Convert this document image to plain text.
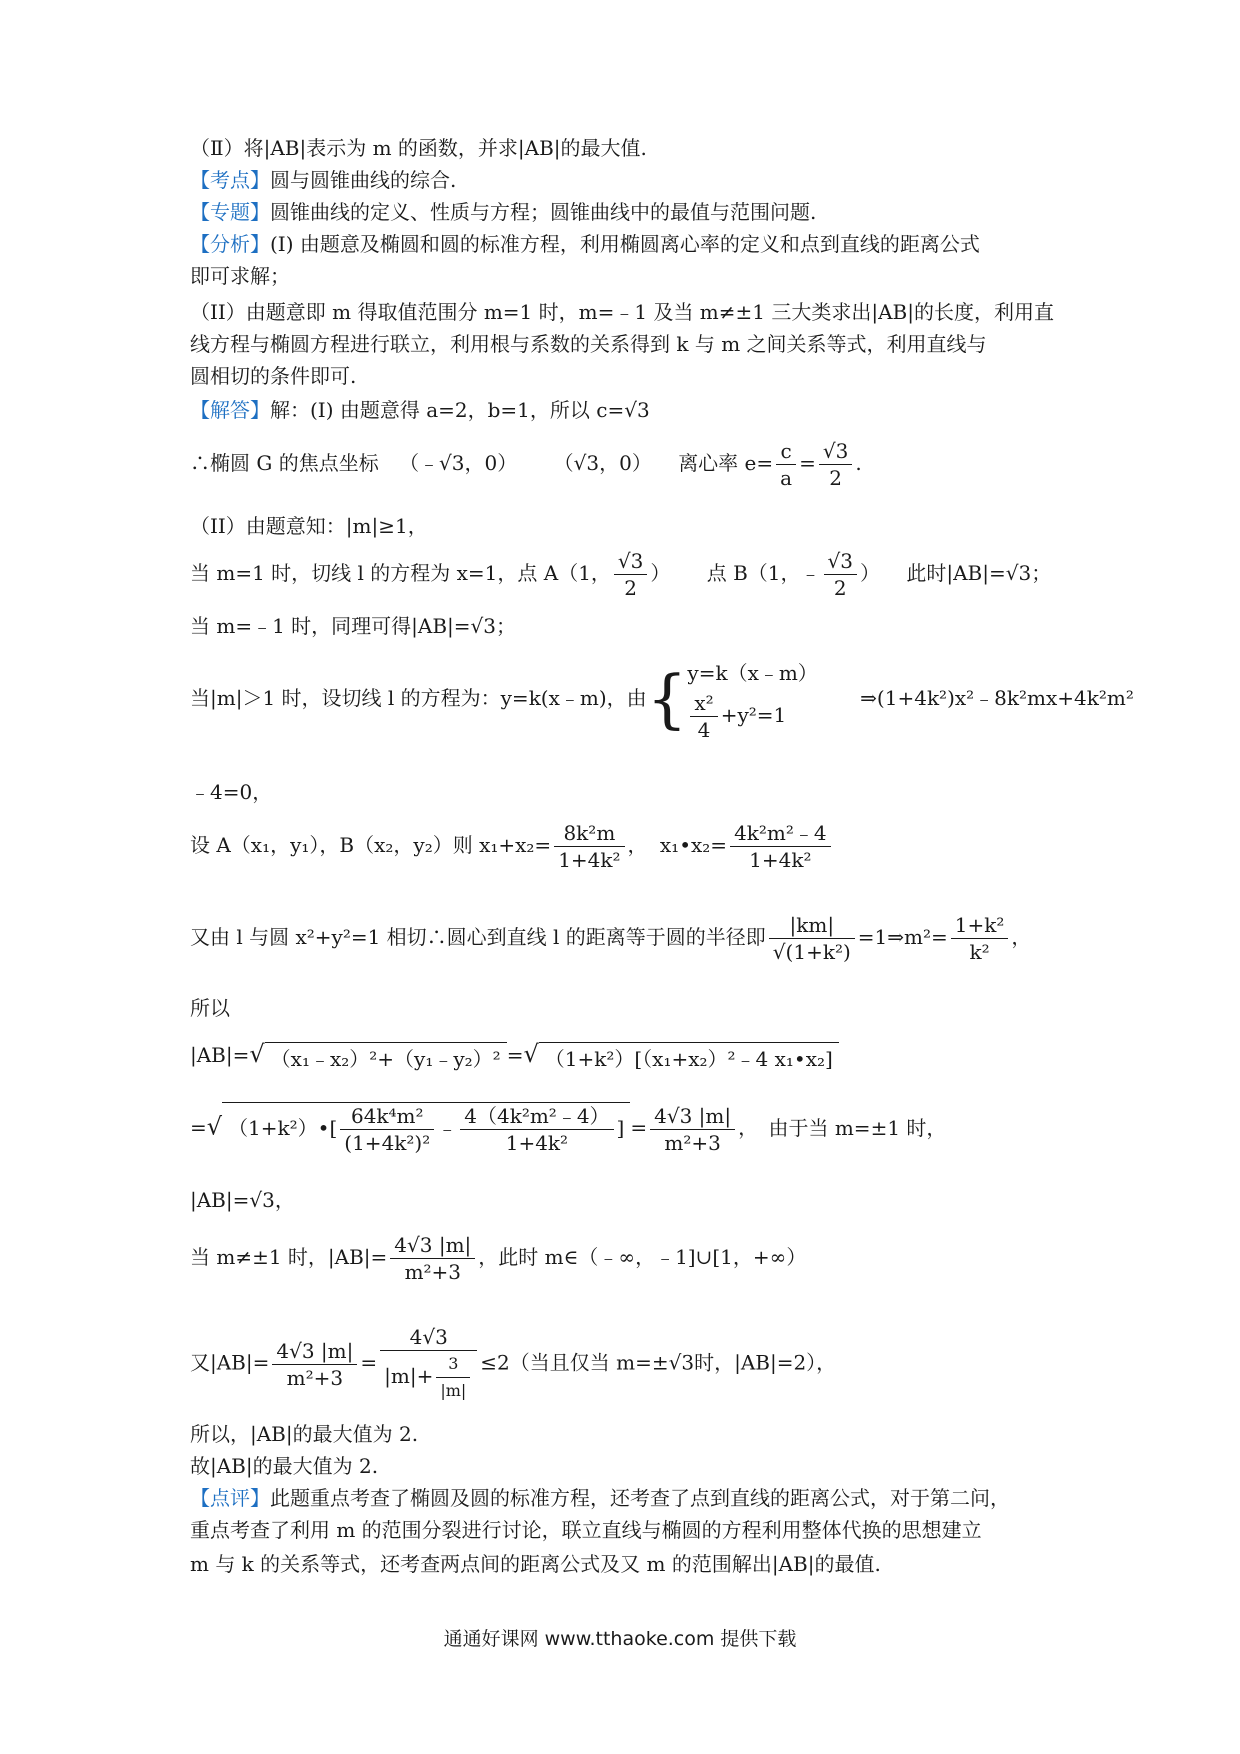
（Ⅱ）将|AB|表示为 m 的函数，并求|AB|的最大值.
【考点】圆与圆锥曲线的综合.
【专题】圆锥曲线的定义、性质与方程；圆锥曲线中的最值与范围问题.
【分析】(I) 由题意及椭圆和圆的标准方程，利用椭圆离心率的定义和点到直线的距离公式
即可求解；
（II）由题意即 m 得取值范围分 m=1 时，m=﹣1 及当 m≠±1 三大类求出|AB|的长度，利用直
线方程与椭圆方程进行联立，利用根与系数的关系得到 k 与 m 之间关系等式，利用直线与
圆相切的条件即可.
【解答】解：(I) 由题意得 a=2，b=1，所以 c=√3
∴椭圆 G 的焦点坐标 （﹣√3，0） （√3，0） 离心率 $e= \frac{c}{a} = \frac{√3}{2}$ .
（II）由题意知：|m|≥1，
当 m=1 时，切线 l 的方程为 x=1，点 A（1， $\frac{√3}{2}$ ） 点 B（1，﹣ $\frac{√3}{2}$ ） 此时|AB|=√3；
当 m=﹣1 时，同理可得|AB|=√3；
当|m|＞1 时，设切线 l 的方程为：y=k(x﹣m)，由{ y=k（x﹣m）
$\frac{\text{x²}}{4} +y^2=1$
⇒(1+4k²)x²﹣8k²mx+4k²m²
﹣4=0，
设 A（x₁，y₁），B（x₂，y₂）则 $x_1+x_2= \frac{\text{8k²m}}{\text{1+4k²}}$ ， x₁•x₂= $\frac{\text{4k²m²﹣4}}{\text{1+4k²}}$
又由 l 与圆 x²+y²=1 相切∴圆心到直线 l 的距离等于圆的半径即 $\frac{|km|}{\text{√(1+k²)}}$ =1⇒m²= $\frac{\text{1+k²}}{\text{k²}}$ ，
所以
|AB|=√ （x₁﹣x₂）²+（y₁﹣y₂）² =√ （1+k²）[（x₁+x₂）²﹣4 x₁•x₂]
=√ （1+k²）•[ $\frac{\text{64k⁴m²}}{\text{(1+4k²)²}}$ ﹣ $\frac{\text{4（4k²m²﹣4）}}{\text{1+4k²}}$ ] = $\frac{4√3 |m|}{\text{m²+3}}$ ， 由于当 m=±1 时，
|AB|=√3，
当 m≠±1 时，$|AB|= \frac{4√3 |m|}{\text{m²+3}}$ ，此时 m∈（﹣∞，﹣1]∪[1，+∞）
又$|AB|= \frac{4√3 |m|}{\text{m²+3}} = \frac{4√3}{|m|+ \frac{3}{|m|}} \le 2$（当且仅当 m=±√3时，|AB|=2），
所以，|AB|的最大值为 2.
故|AB|的最大值为 2.
【点评】此题重点考查了椭圆及圆的标准方程，还考查了点到直线的距离公式，对于第二问，
重点考查了利用 m 的范围分裂进行讨论，联立直线与椭圆的方程利用整体代换的思想建立
m 与 k 的关系等式，还考查两点间的距离公式及又 m 的范围解出|AB|的最值.
通通好课网 www.tthaoke.com 提供下载
